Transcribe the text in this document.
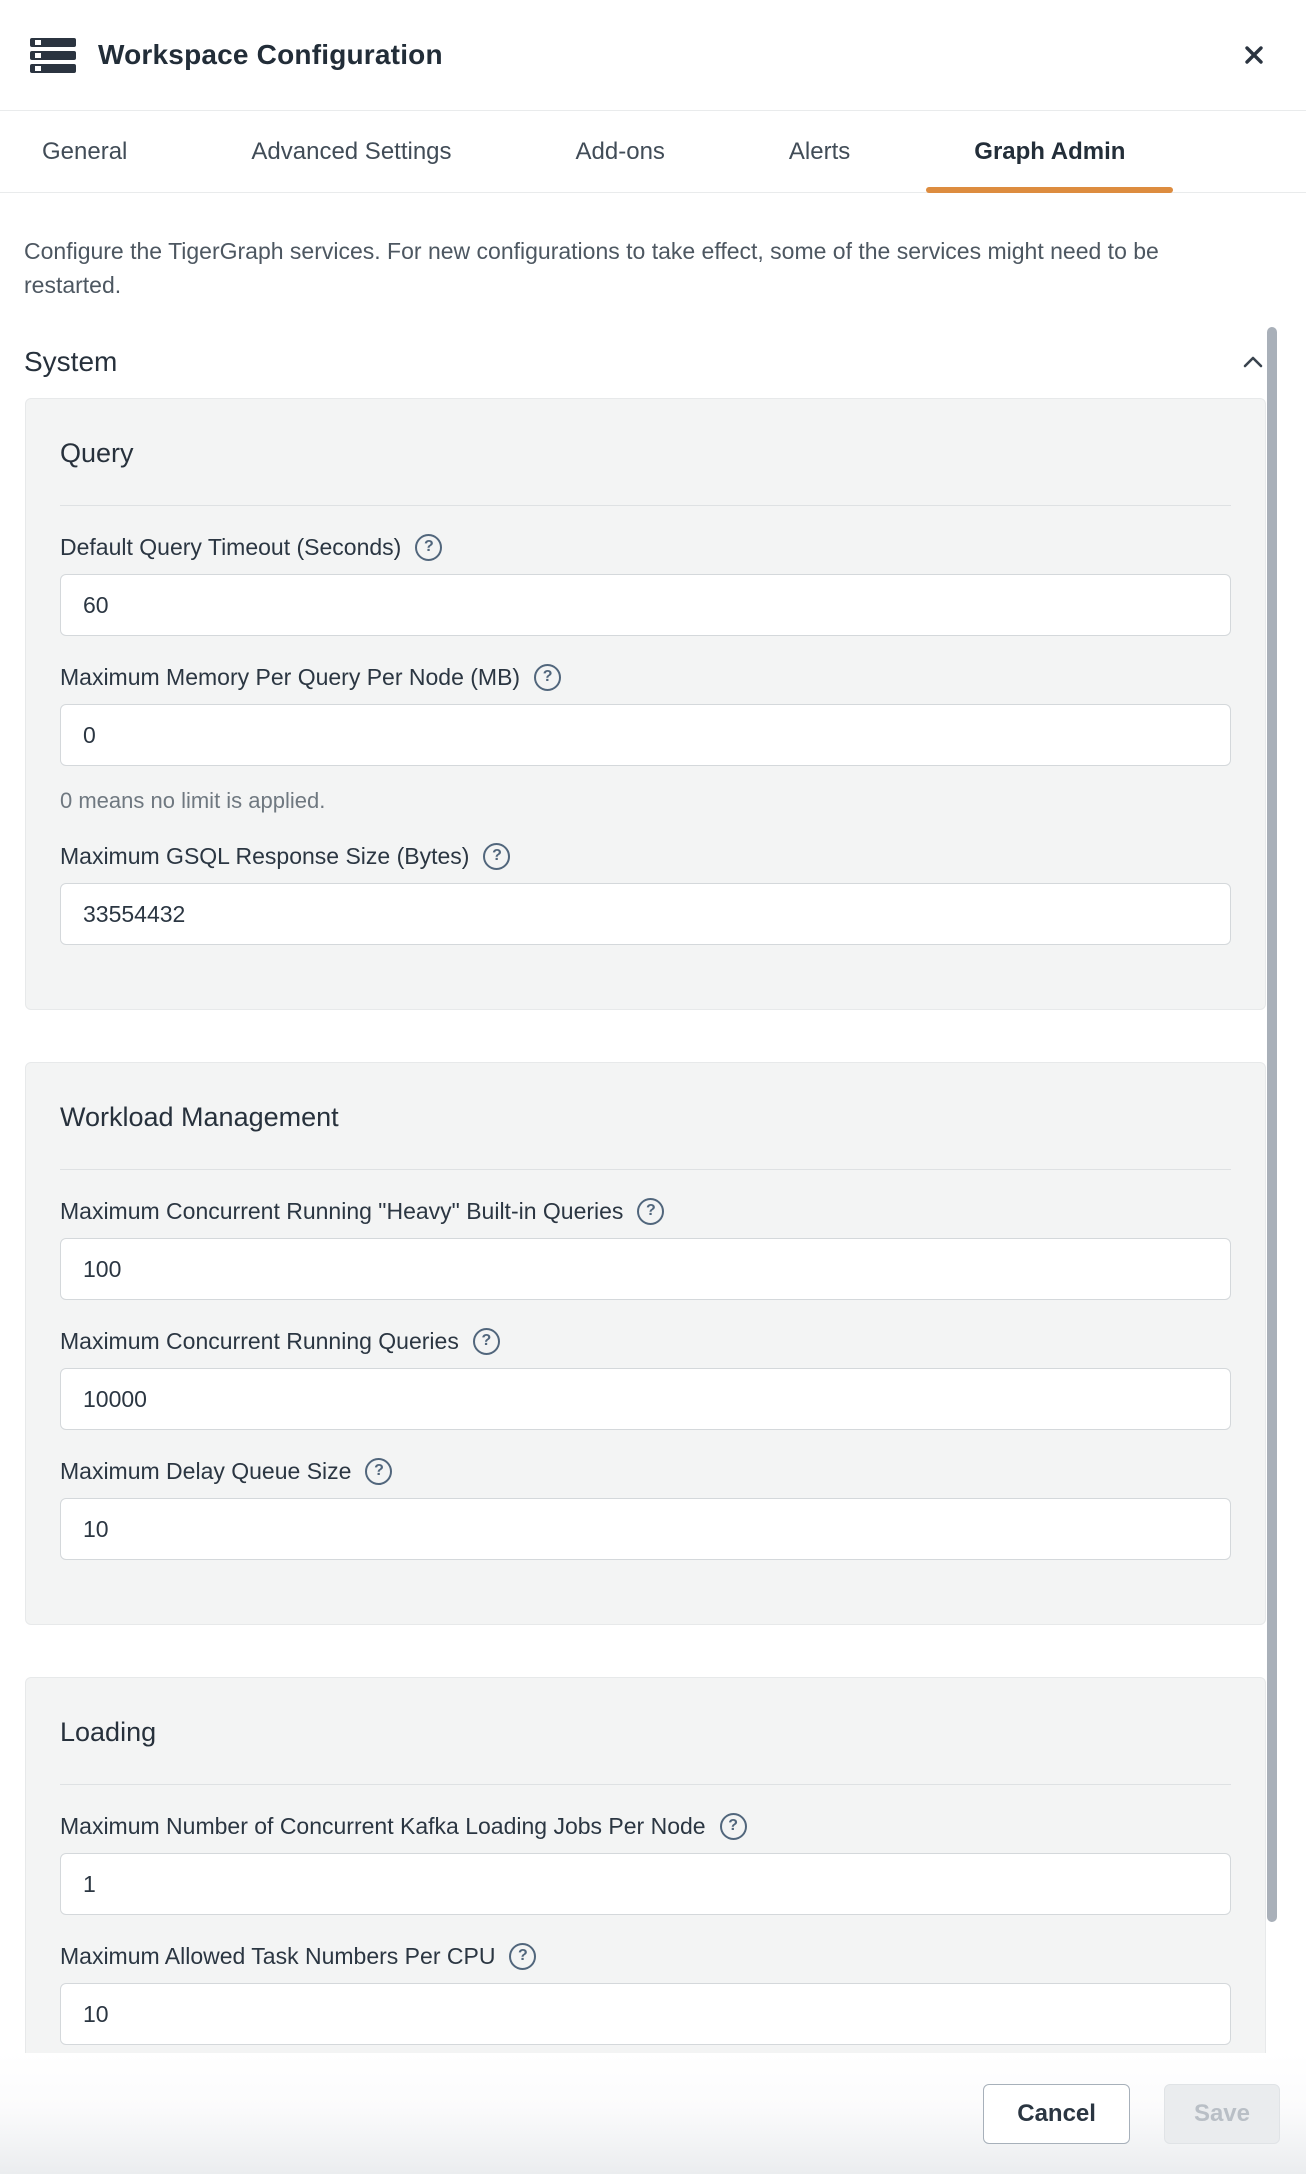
Workspace Configuration
General	Advanced Settings	Add-ons	Alerts	Graph Admin

Configure the TigerGraph services. For new configurations to take effect, some of the services might need to be restarted.

System
Query
Default Query Timeout (Seconds)
?
60
Maximum Memory Per Query Per Node (MB)
?
0

0 means no limit is applied.

Maximum GSQL Response Size (Bytes)
?
33554432
Workload Management
Maximum Concurrent Running "Heavy" Built-in Queries
?
100
Maximum Concurrent Running Queries
?
10000
Maximum Delay Queue Size
?
10
Loading
Maximum Number of Concurrent Kafka Loading Jobs Per Node
?
1
Maximum Allowed Task Numbers Per CPU
?
10
Cancel	Save
